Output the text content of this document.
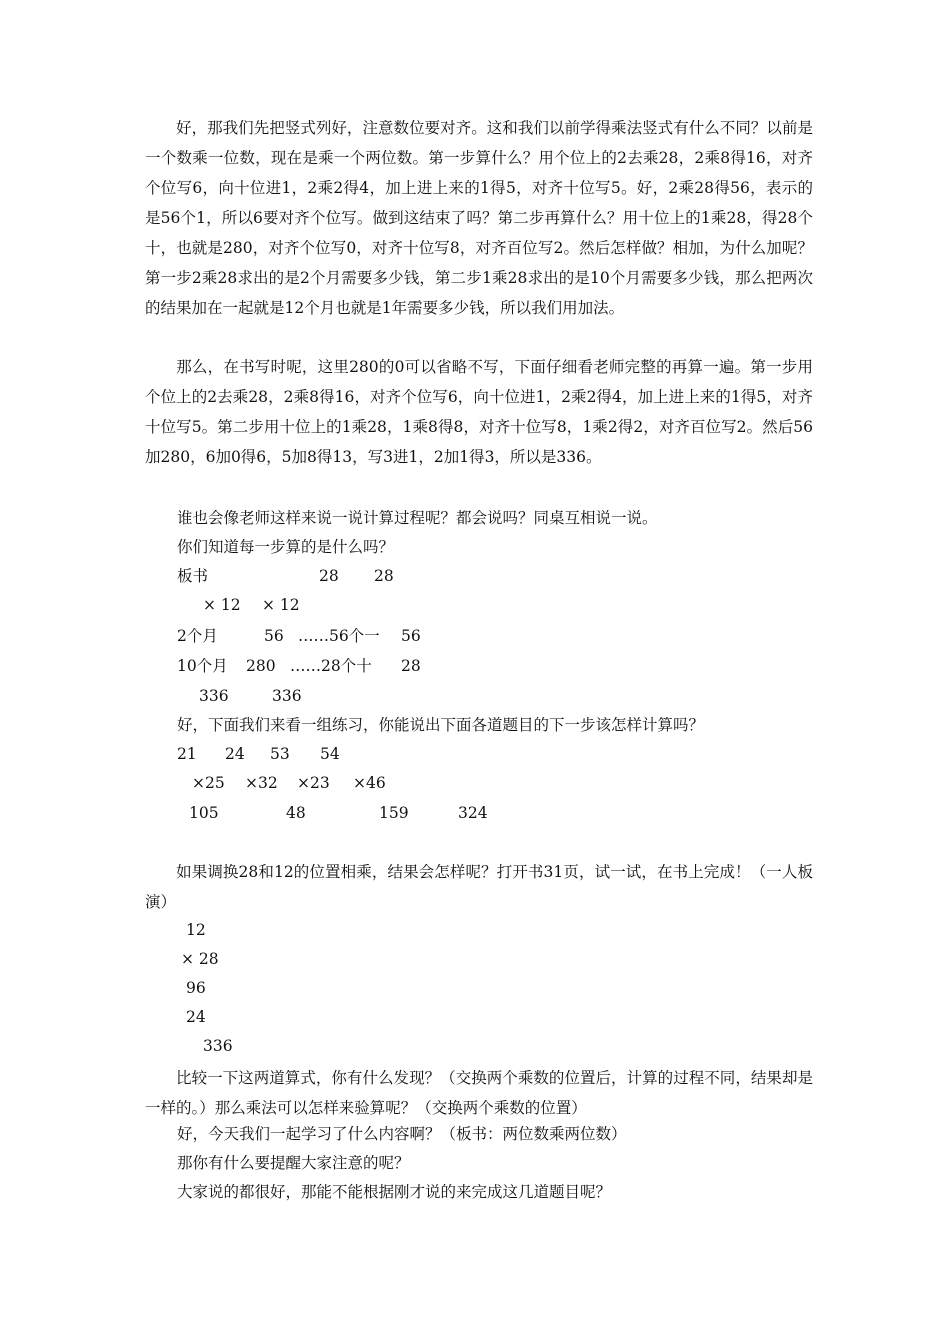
好，那我们先把竖式列好，注意数位要对齐。这和我们以前学得乘法竖式有什么不同？以前是一个数乘一位数，现在是乘一个两位数。第一步算什么？用个位上的2去乘28，2乘8得16，对齐个位写6，向十位进1，2乘2得4，加上进上来的1得5，对齐十位写5。好，2乘28得56，表示的是56个1，所以6要对齐个位写。做到这结束了吗？第二步再算什么？用十位上的1乘28，得28个十，也就是280，对齐个位写0，对齐十位写8，对齐百位写2。然后怎样做？相加，为什么加呢？第一步2乘28求出的是2个月需要多少钱，第二步1乘28求出的是10个月需要多少钱，那么把两次的结果加在一起就是12个月也就是1年需要多少钱，所以我们用加法。

那么，在书写时呢，这里280的0可以省略不写，下面仔细看老师完整的再算一遍。第一步用个位上的2去乘28，2乘8得16，对齐个位写6，向十位进1，2乘2得4，加上进上来的1得5，对齐十位写5。第二步用十位上的1乘28，1乘8得8，对齐十位写8，1乘2得2，对齐百位写2。然后56加280，6加0得6，5加8得13，写3进1，2加1得3，所以是336。

谁也会像老师这样来说一说计算过程呢？都会说吗？同桌互相说一说。
你们知道每一步算的是什么吗？
板书	28 28
× 12 × 12
2个月	56 ……56个一 56
10个月 280 ……28个十 28
336	336
好，下面我们来看一组练习，你能说出下面各道题目的下一步该怎样计算吗？
21 24 53 54
×25 ×32 ×23 ×46
105	48	159	324

如果调换28和12的位置相乘，结果会怎样呢？打开书31页，试一试，在书上完成！（一人板演）

12
× 28
96
24
336

比较一下这两道算式，你有什么发现？（交换两个乘数的位置后，计算的过程不同，结果却是一样的。）那么乘法可以怎样来验算呢？（交换两个乘数的位置）

好，今天我们一起学习了什么内容啊？（板书：两位数乘两位数）
那你有什么要提醒大家注意的呢？
大家说的都很好，那能不能根据刚才说的来完成这几道题目呢？
